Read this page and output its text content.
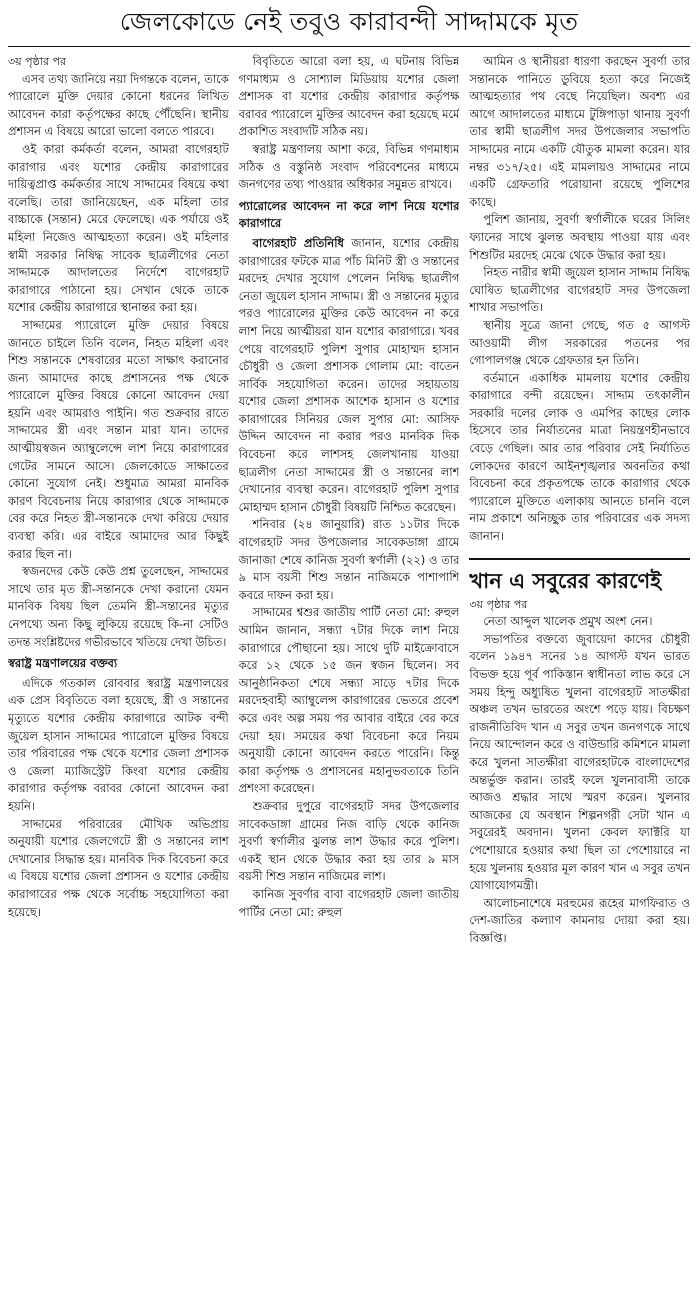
জেলকোডে নেই তবুও কারাবন্দী সাদ্দামকে মৃত

৩য় পৃষ্ঠার পর

এসব তথ্য জানিয়ে নয়া দিগন্তকে বলেন, তাকে প্যারোলে মুক্তি দেয়ার কোনো ধরনের লিখিত আবেদন কারা কর্তৃপক্ষের কাছে পৌঁছেনি। স্থানীয় প্রশাসন এ বিষয়ে আরো ভালো বলতে পারবে।

ওই কারা কর্মকর্তা বলেন, আমরা বাগেরহাট কারাগার এবং যশোর কেন্দ্রীয় কারাগারের দায়িত্বপ্রাপ্ত কর্মকর্তার সাথে সাদ্দামের বিষয়ে কথা বলেছি। তারা জানিয়েছেন, এক মহিলা তার বাচ্চাকে (সন্তান) মেরে ফেলেছে। এক পর্যায়ে ওই মহিলা নিজেও আত্মহত্যা করেন। ওই মহিলার স্বামী সরকার নিষিদ্ধ সাবেক ছাত্রলীগের নেতা সাদ্দামকে আদালতের নির্দেশে বাগেরহাট কারাগারে পাঠানো হয়। সেখান থেকে তাকে যশোর কেন্দ্রীয় কারাগারে স্থানান্তর করা হয়।

সাদ্দামের প্যারোলে মুক্তি দেয়ার বিষয়ে জানতে চাইলে তিনি বলেন, নিহত মহিলা এবং শিশু সন্তানকে শেষবারের মতো সাক্ষাৎ করানোর জন্য আমাদের কাছে প্রশাসনের পক্ষ থেকে প্যারোলে মুক্তির বিষয়ে কোনো আবেদন দেয়া হয়নি এবং আমরাও পাইনি। গত শুক্রবার রাতে সাদ্দামের স্ত্রী এবং সন্তান মারা যান। তাদের আত্মীয়স্বজন অ্যাম্বুলেন্সে লাশ নিয়ে কারাগারের গেটের সামনে আসে। জেলকোডে সাক্ষাতের কোনো সুযোগ নেই। শুধুমাত্র আমরা মানবিক কারণ বিবেচনায় নিয়ে কারাগার থেকে সাদ্দামকে বের করে নিহত স্ত্রী-সন্তানকে দেখা করিয়ে দেয়ার ব্যবস্থা করি। এর বাইরে আমাদের আর কিছুই করার ছিল না।

স্বজনদের কেউ কেউ প্রশ্ন তুলেছেন, সাদ্দামের সাথে তার মৃত স্ত্রী-সন্তানকে দেখা করানো যেমন মানবিক বিষয় ছিল তেমনি স্ত্রী-সন্তানের মৃত্যুর নেপথ্যে অন্য কিছু লুকিয়ে রয়েছে কি-না সেটিও তদন্ত সংশ্লিষ্টদের গভীরভাবে খতিয়ে দেখা উচিত।

স্বরাষ্ট্র মন্ত্রণালয়ের বক্তব্য

এদিকে গতকাল রোববার স্বরাষ্ট্র মন্ত্রণালয়ের এক প্রেস বিবৃতিতে বলা হয়েছে, স্ত্রী ও সন্তানের মৃত্যুতে যশোর কেন্দ্রীয় কারাগারে আটক বন্দী জুয়েল হাসান সাদ্দামের প্যারোলে মুক্তির বিষয়ে তার পরিবারের পক্ষ থেকে যশোর জেলা প্রশাসক ও জেলা ম্যাজিস্ট্রেট কিংবা যশোর কেন্দ্রীয় কারাগার কর্তৃপক্ষ বরাবর কোনো আবেদন করা হয়নি।

সাদ্দামের পরিবারের মৌখিক অভিপ্রায় অনুযায়ী যশোর জেলগেটে স্ত্রী ও সন্তানের লাশ দেখানোর সিদ্ধান্ত হয়। মানবিক দিক বিবেচনা করে এ বিষয়ে যশোর জেলা প্রশাসন ও যশোর কেন্দ্রীয় কারাগারের পক্ষ থেকে সর্বোচ্চ সহযোগিতা করা হয়েছে।

বিবৃতিতে আরো বলা হয়, এ ঘটনায় বিভিন্ন গণমাধ্যম ও সোশ্যাল মিডিয়ায় যশোর জেলা প্রশাসক বা যশোর কেন্দ্রীয় কারাগার কর্তৃপক্ষ বরাবর প্যারোলে মুক্তির আবেদন করা হয়েছে মর্মে প্রকাশিত সংবাদটি সঠিক নয়।

স্বরাষ্ট্র মন্ত্রণালয় আশা করে, বিভিন্ন গণমাধ্যম সঠিক ও বস্তুনিষ্ঠ সংবাদ পরিবেশনের মাধ্যমে জনগণের তথ্য পাওয়ার অধিকার সমুন্নত রাখবে।

প্যারোলের আবেদন না করে লাশ নিয়ে যশোর কারাগারে

বাগেরহাট প্রতিনিধি জানান, যশোর কেন্দ্রীয় কারাগারের ফটকে মাত্র পাঁচ মিনিট স্ত্রী ও সন্তানের মরদেহ দেখার সুযোগ পেলেন নিষিদ্ধ ছাত্রলীগ নেতা জুয়েল হাসান সাদ্দাম। স্ত্রী ও সন্তানের মৃত্যুর পরও প্যারোলের মুক্তির কেউ আবেদন না করে লাশ নিয়ে আত্মীয়রা যান যশোর কারাগারে। খবর পেয়ে বাগেরহাট পুলিশ সুপার মোহাম্মদ হাসান চৌধুরী ও জেলা প্রশাসক গোলাম মো: বাতেন সার্বিক সহযোগিতা করেন। তাদের সহায়তায় যশোর জেলা প্রশাসক আশেক হাসান ও যশোর কারাগারের সিনিয়র জেল সুপার মো: আসিফ উদ্দিন আবেদন না করার পরও মানবিক দিক বিবেচনা করে লাশসহ জেলখানায় যাওয়া ছাত্রলীগ নেতা সাদ্দামের স্ত্রী ও সন্তানের লাশ দেখানোর ব্যবস্থা করেন। বাগেরহাট পুলিশ সুপার মোহাম্মদ হাসান চৌধুরী বিষয়টি নিশ্চিত করেছেন।

শনিবার (২৪ জানুয়ারি) রাত ১১টার দিকে বাগেরহাট সদর উপজেলার সাবেকডাঙ্গা গ্রামে জানাজা শেষে কানিজ সুবর্ণা স্বর্ণালী (২২) ও তার ৯ মাস বয়সী শিশু সন্তান নাজিমকে পাশাপাশি কবরে দাফন করা হয়।

সাদ্দামের শ্বশুর জাতীয় পার্টি নেতা মো: রুহুল আমিন জানান, সন্ধ্যা ৭টার দিকে লাশ নিয়ে কারাগারে পৌছানো হয়। সাথে দুটি মাইক্রোবাসে করে ১২ থেকে ১৫ জন স্বজন ছিলেন। সব আনুষ্ঠানিকতা শেষে সন্ধ্যা সাড়ে ৭টার দিকে মরদেহবাহী অ্যাম্বুলেন্স কারাগারের ভেতরে প্রবেশ করে এবং অল্প সময় পর আবার বাইরে বের করে দেয়া হয়। সময়ের কথা বিবেচনা করে নিয়ম অনুযায়ী কোনো আবেদন করতে পারেনি। কিন্তু কারা কর্তৃপক্ষ ও প্রশাসনের মহানুভবতাকে তিনি প্রশংসা করেছেন।

শুক্রবার দুপুরে বাগেরহাট সদর উপজেলার সাবেকডাঙ্গা গ্রামের নিজ বাড়ি থেকে কানিজ সুবর্ণা স্বর্ণালীর ঝুলন্ত লাশ উদ্ধার করে পুলিশ। একই স্থান থেকে উদ্ধার করা হয় তার ৯ মাস বয়সী শিশু সন্তান নাজিমের লাশ।

কানিজ সুবর্ণার বাবা বাগেরহাট জেলা জাতীয় পার্টির নেতা মো: রুহুল

আমিন ও স্থানীয়রা ধারণা করছেন সুবর্ণা তার সন্তানকে পানিতে ডুবিয়ে হত্যা করে নিজেই আত্মহত্যার পথ বেছে নিয়েছিল। অবশ্য এর আগে আদালতের মাধ্যমে টুঙ্গিপাড়া থানায় সুবর্ণা তার স্বামী ছাত্রলীগ সদর উপজেলার সভাপতি সাদ্দামের নামে একটি যৌতুক মামলা করেন। যার নম্বর ৩১৭/২৫। এই মামলায়ও সাদ্দামের নামে একটি গ্রেফতারি পরোয়ানা রয়েছে পুলিশের কাছে।

পুলিশ জানায়, সুবর্ণা স্বর্ণালীকে ঘরের সিলিং ফ্যানের সাথে ঝুলন্ত অবস্থায় পাওয়া যায় এবং শিশুটির মরদেহ মেঝে থেকে উদ্ধার করা হয়।

নিহত নারীর স্বামী জুয়েল হাসান সাদ্দাম নিষিদ্ধ ঘোষিত ছাত্রলীগের বাগেরহাট সদর উপজেলা শাখার সভাপতি।

স্থানীয় সূত্রে জানা গেছে, গত ৫ আগস্ট আওয়ামী লীগ সরকারের পতনের পর গোপালগঞ্জ থেকে গ্রেফতার হন তিনি।

বর্তমানে একাধিক মামলায় যশোর কেন্দ্রীয় কারাগারে বন্দী রয়েছেন। সাদ্দাম তৎকালীন সরকারি দলের লোক ও এমপির কাছের লোক হিসেবে তার নির্যাতনের মাত্রা নিয়ন্ত্রণহীনভাবে বেড়ে গেছিল। আর তার পরিবার সেই নির্যাতিত লোকদের কারণে আইনশৃঙ্খলার অবনতির কথা বিবেচনা করে প্রকৃতপক্ষে তাকে কারাগার থেকে প্যারোলে মুক্তিতে এলাকায় আনতে চাননি বলে নাম প্রকাশে অনিচ্ছুক তার পরিবারের এক সদস্য জানান।

খান এ সবুরের কারণেই

৩য় পৃষ্ঠার পর

নেতা আব্দুল খালেক প্রমুখ অংশ নেন।

সভাপতির বক্তব্যে জুবায়েদা কাদের চৌধুরী বলেন ১৯৪৭ সনের ১৪ আগস্ট যখন ভারত বিভক্ত হয়ে পূর্ব পাকিস্তান স্বাধীনতা লাভ করে সে সময় হিন্দু অধ্যুষিত খুলনা বাগেরহাট সাতক্ষীরা অঞ্চল তখন ভারতের অংশে পড়ে যায়। বিচক্ষণ রাজনীতিবিদ খান এ সবুর তখন জনগণকে সাথে নিয়ে আন্দোলন করে ও বাউন্ডারি কমিশনে মামলা করে খুলনা সাতক্ষীরা বাগেরহাটকে বাংলাদেশের অন্তর্ভুক্ত করান। তারই ফলে খুলনাবাসী তাকে আজও শ্রদ্ধার সাথে স্মরণ করেন। খুলনার আজকের যে অবস্থান শিল্পনগরী সেটা খান এ সবুরেরই অবদান। খুলনা কেবল ফ্যাক্টরি যা পেশোয়ারে হওয়ার কথা ছিল তা পেশোয়ারে না হয়ে খুলনায় হওয়ার মূল কারণ খান এ সবুর তখন যোগাযোগমন্ত্রী।

আলোচনাশেষে মরহুমের রূহের মাগফিরাত ও দেশ-জাতির কল্যাণ কামনায় দোয়া করা হয়। বিজ্ঞপ্তি।
